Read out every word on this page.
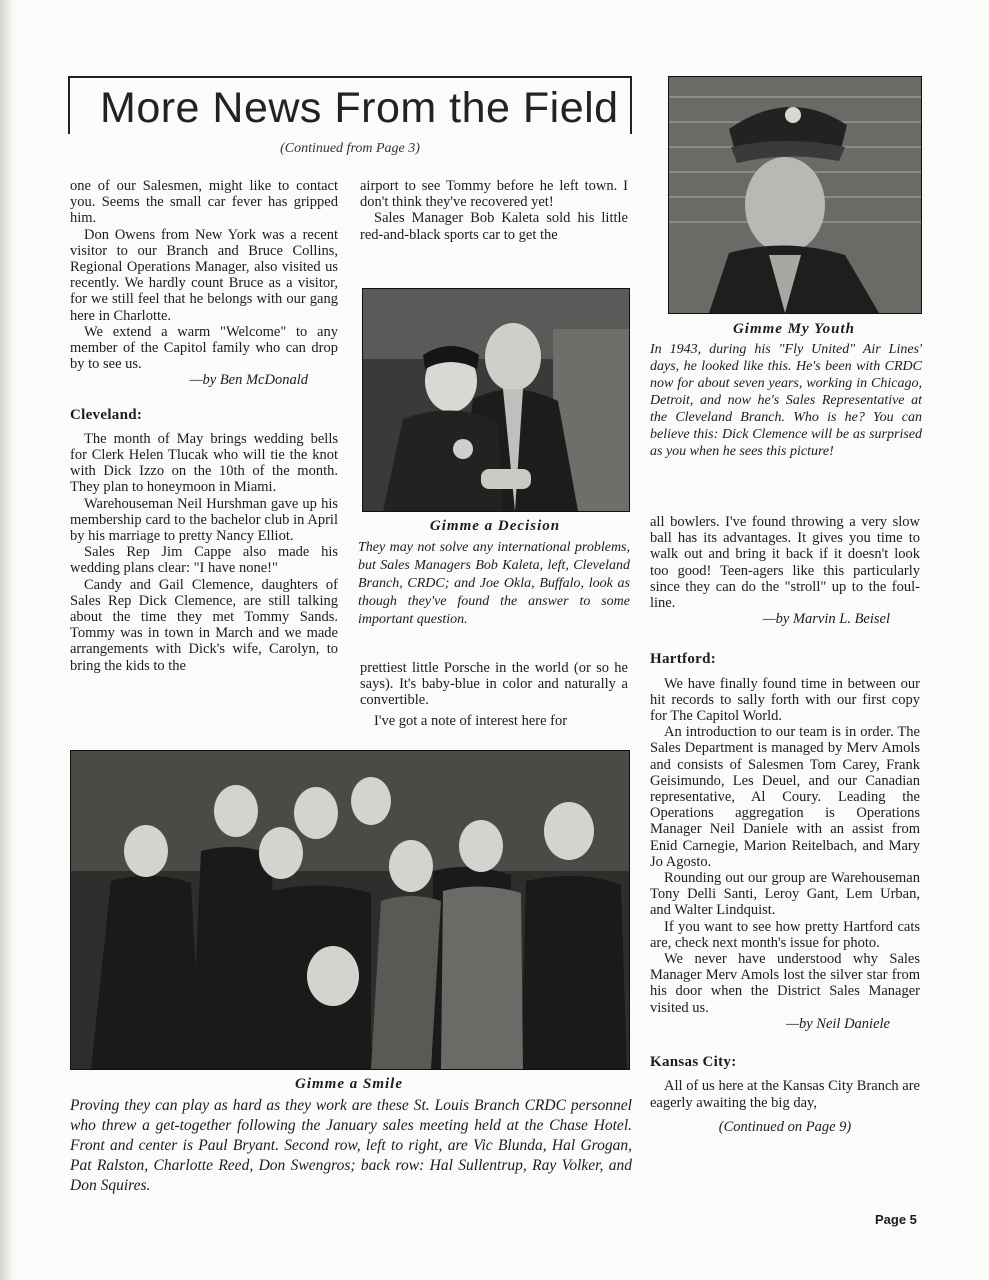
More News From the Field
(Continued from Page 3)

one of our Salesmen, might like to contact you. Seems the small car fever has gripped him.

Don Owens from New York was a recent visitor to our Branch and Bruce Collins, Regional Operations Manager, also visited us recently. We hardly count Bruce as a visitor, for we still feel that he belongs with our gang here in Charlotte.

We extend a warm "Welcome" to any member of the Capitol family who can drop by to see us.

—by Ben McDonald

Cleveland:

The month of May brings wedding bells for Clerk Helen Tlucak who will tie the knot with Dick Izzo on the 10th of the month. They plan to honeymoon in Miami.

Warehouseman Neil Hurshman gave up his membership card to the bachelor club in April by his marriage to pretty Nancy Elliot.

Sales Rep Jim Cappe also made his wedding plans clear: "I have none!"

Candy and Gail Clemence, daughters of Sales Rep Dick Clemence, are still talking about the time they met Tommy Sands. Tommy was in town in March and we made arrangements with Dick's wife, Carolyn, to bring the kids to the

airport to see Tommy before he left town. I don't think they've recovered yet!

Sales Manager Bob Kaleta sold his little red-and-black sports car to get the

Gimme a Decision
They may not solve any international problems, but Sales Managers Bob Kaleta, left, Cleveland Branch, CRDC; and Joe Okla, Buffalo, look as though they've found the answer to some important question.

prettiest little Porsche in the world (or so he says). It's baby-blue in color and naturally a convertible.

I've got a note of interest here for

Gimme My Youth
In 1943, during his "Fly United" Air Lines' days, he looked like this. He's been with CRDC now for about seven years, working in Chicago, Detroit, and now he's Sales Representative at the Cleveland Branch. Who is he? You can believe this: Dick Clemence will be as surprised as you when he sees this picture!

all bowlers. I've found throwing a very slow ball has its advantages. It gives you time to walk out and bring it back if it doesn't look too good! Teen-agers like this particularly since they can do the "stroll" up to the foul-line.

—by Marvin L. Beisel

Hartford:

We have finally found time in between our hit records to sally forth with our first copy for The Capitol World.

An introduction to our team is in order. The Sales Department is managed by Merv Amols and consists of Salesmen Tom Carey, Frank Geisimundo, Les Deuel, and our Canadian representative, Al Coury. Leading the Operations aggregation is Operations Manager Neil Daniele with an assist from Enid Carnegie, Marion Reitelbach, and Mary Jo Agosto.

Rounding out our group are Warehouseman Tony Delli Santi, Leroy Gant, Lem Urban, and Walter Lindquist.

If you want to see how pretty Hartford cats are, check next month's issue for photo.

We never have understood why Sales Manager Merv Amols lost the silver star from his door when the District Sales Manager visited us.

—by Neil Daniele

Kansas City:

All of us here at the Kansas City Branch are eagerly awaiting the big day,

(Continued on Page 9)

Gimme a Smile
Proving they can play as hard as they work are these St. Louis Branch CRDC personnel who threw a get-together following the January sales meeting held at the Chase Hotel. Front and center is Paul Bryant. Second row, left to right, are Vic Blunda, Hal Grogan, Pat Ralston, Charlotte Reed, Don Swengros; back row: Hal Sullentrup, Ray Volker, and Don Squires.
Page 5
